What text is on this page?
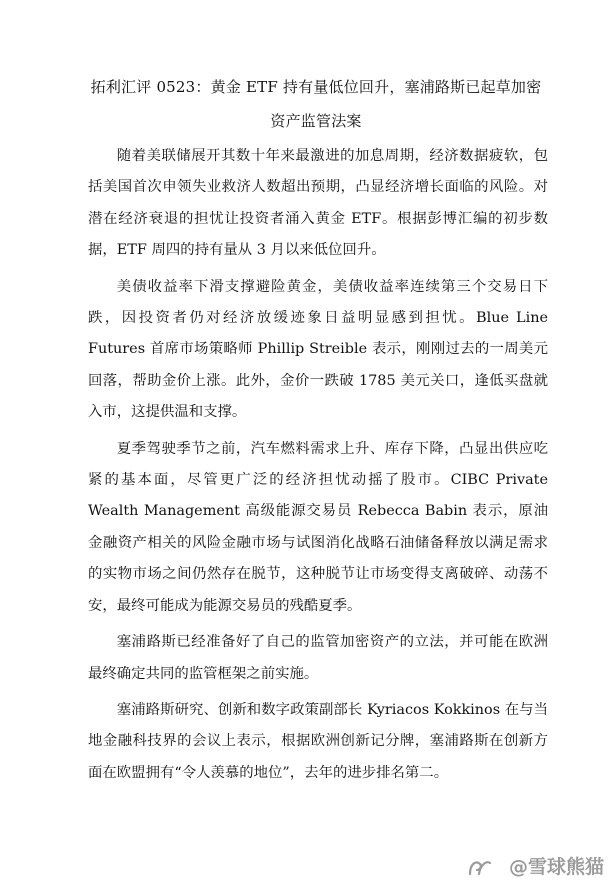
拓利汇评 0523：黄金 ETF 持有量低位回升，塞浦路斯已起草加密资产监管法案

随着美联储展开其数十年来最激进的加息周期，经济数据疲软，包括美国首次申领失业救济人数超出预期，凸显经济增长面临的风险。对潜在经济衰退的担忧让投资者涌入黄金 ETF。根据彭博汇编的初步数据，ETF 周四的持有量从 3 月以来低位回升。

美债收益率下滑支撑避险黄金，美债收益率连续第三个交易日下跌，因投资者仍对经济放缓迹象日益明显感到担忧。Blue Line Futures 首席市场策略师 Phillip Streible 表示，刚刚过去的一周美元回落，帮助金价上涨。此外，金价一跌破 1785 美元关口，逢低买盘就入市，这提供温和支撑。

夏季驾驶季节之前，汽车燃料需求上升、库存下降，凸显出供应吃紧的基本面，尽管更广泛的经济担忧动摇了股市。CIBC Private Wealth Management 高级能源交易员 Rebecca Babin 表示，原油金融资产相关的风险金融市场与试图消化战略石油储备释放以满足需求的实物市场之间仍然存在脱节，这种脱节让市场变得支离破碎、动荡不安，最终可能成为能源交易员的残酷夏季。

塞浦路斯已经准备好了自己的监管加密资产的立法，并可能在欧洲最终确定共同的监管框架之前实施。

塞浦路斯研究、创新和数字政策副部长 Kyriacos Kokkinos 在与当地金融科技界的会议上表示，根据欧洲创新记分牌，塞浦路斯在创新方面在欧盟拥有“令人羡慕的地位”，去年的进步排名第二。

@雪球熊猫
